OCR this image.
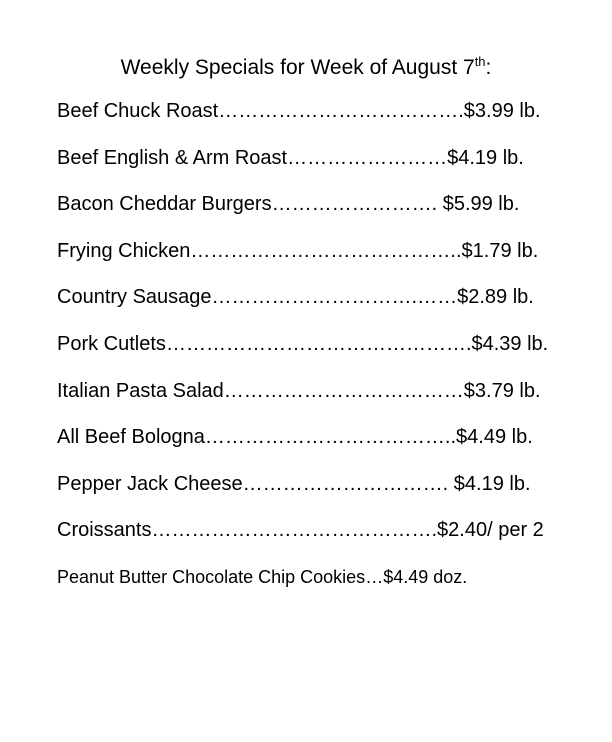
Weekly Specials for Week of August 7th:
Beef Chuck Roast……………………………….$3.99 lb.
Beef English & Arm Roast……………………$4.19 lb.
Bacon Cheddar Burgers……………………. $5.99 lb.
Frying Chicken…………………………………..$1.79 lb.
Country Sausage………………………….……$2.89 lb.
Pork Cutlets……………………………………….$4.39 lb.
Italian Pasta Salad………………………………$3.79 lb.
All Beef Bologna………………………………..$4.49 lb.
Pepper Jack Cheese…………………………. $4.19 lb.
Croissants…………………………………….$2.40/ per 2
Peanut Butter Chocolate Chip Cookies…$4.49 doz.
